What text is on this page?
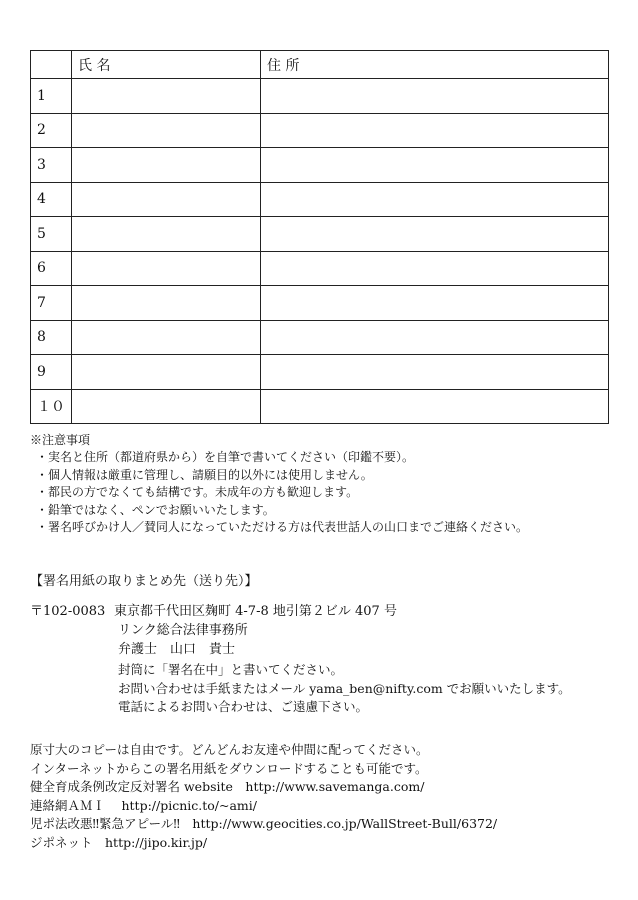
	氏 名	住 所
1		
2		
3		
4		
5		
6		
7		
8		
9		
１０		
※注意事項
・実名と住所（都道府県から）を自筆で書いてください（印鑑不要）。
・個人情報は厳重に管理し、請願目的以外には使用しません。
・都民の方でなくても結構です。未成年の方も歓迎します。
・鉛筆ではなく、ペンでお願いいたします。
・署名呼びかけ人／賛同人になっていただける方は代表世話人の山口までご連絡ください。
【署名用紙の取りまとめ先（送り先）】
〒102-0083 東京都千代田区麹町 4-7-8 地引第２ビル 407 号
リンク総合法律事務所
弁護士　山口　貴士
封筒に「署名在中」と書いてください。
お問い合わせは手紙またはメール yama_ben@nifty.com でお願いいたします。
電話によるお問い合わせは、ご遠慮下さい。
原寸大のコピーは自由です。どんどんお友達や仲間に配ってください。
インターネットからこの署名用紙をダウンロードすることも可能です。
健全育成条例改定反対署名 website　http://www.savemanga.com/
連絡網ＡＭＩ　 http://picnic.to/~ami/
児ポ法改悪‼緊急アピール‼　http://www.geocities.co.jp/WallStreet-Bull/6372/
ジポネット　http://jipo.kir.jp/
